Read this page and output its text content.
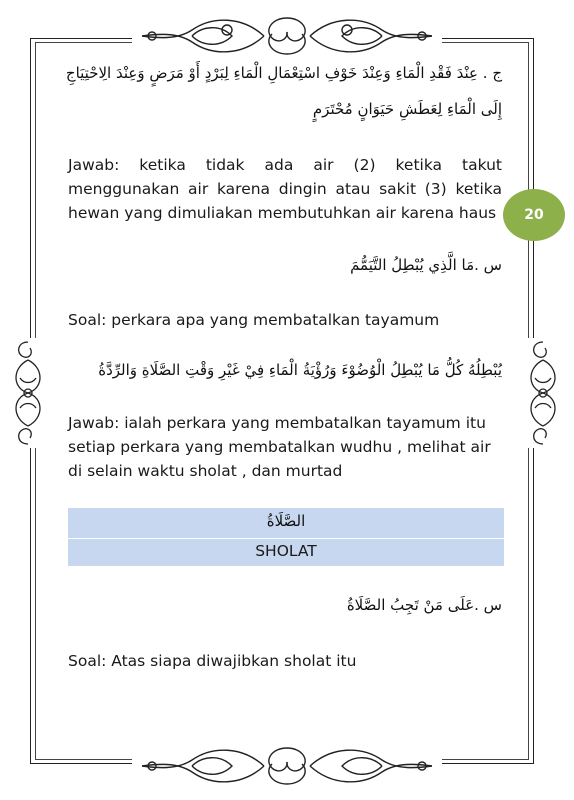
20
ج . عِنْدَ فَقْدِ الْمَاءِ وَعِنْدَ خَوْفِ اسْتِعْمَالِ الْمَاءِ لِبَرْدٍ أَوْ مَرَضٍ وَعِنْدَ الِاحْتِيَاجِ
إِلَى الْمَاءِ لِعَطَشِ حَيَوَانٍ مُحْتَرَمٍ
Jawab: ketika tidak ada air (2) ketika takut menggunakan air karena dingin atau sakit (3) ketika hewan yang dimuliakan membutuhkan air karena haus
س .مَا الَّذِي يُبْطِلُ التَّيَمُّمَ
Soal: perkara apa yang membatalkan tayamum
يُبْطِلُهُ كُلُّ مَا يُبْطِلُ الْوُضُوْءَ وَرُؤْيَةُ الْمَاءِ فِيْ غَيْرِ وَقْتِ الصَّلَاةِ وَالرِّدَّةُ
Jawab: ialah perkara yang membatalkan tayamum itu setiap perkara yang membatalkan wudhu , melihat air di selain waktu sholat , dan murtad
الصَّلَاةُ
SHOLAT
س .عَلَى مَنْ تَجِبُ الصَّلَاةُ
Soal: Atas siapa diwajibkan sholat itu
